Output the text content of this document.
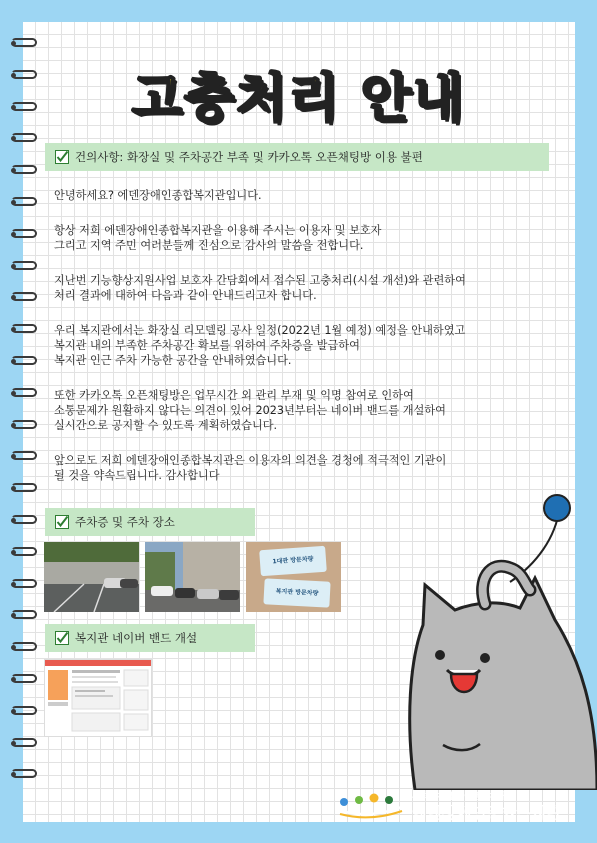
고충처리 안내
건의사항: 화장실 및 주차공간 부족 및 카카오톡 오픈채팅방 이용 불편

안녕하세요? 에덴장애인종합복지관입니다.

항상 저희 에덴장애인종합복지관을 이용해 주시는 이용자 및 보호자
그리고 지역 주민 여러분들께 진심으로 감사의 말씀을 전합니다.

지난번 기능향상지원사업 보호자 간담회에서 접수된 고충처리(시설 개선)와 관련하여
처리 결과에 대하여 다음과 같이 안내드리고자 합니다.

우리 복지관에서는 화장실 리모델링 공사 일정(2022년 1월 예정) 예정을 안내하였고
복지관 내의 부족한 주차공간 확보를 위하여 주차증을 발급하여
복지관 인근 주차 가능한 공간을 안내하였습니다.

또한 카카오톡 오픈채팅방은 업무시간 외 관리 부재 및 익명 참여로 인하여
소통문제가 원활하지 않다는 의견이 있어 2023년부터는 네이버 밴드를 개설하여
실시간으로 공지할 수 있도록 계획하였습니다.

앞으로도 저희 에덴장애인종합복지관은 이용자의 의견을 경청에 적극적인 기관이
될 것을 약속드립니다. 감사합니다

주차증 및 주차 장소
1대관 방문차량
복지관 방문차량
복지관 네이버 밴드 개설
사회복지법인 에덴복지재단
에덴장애인종합복지관
